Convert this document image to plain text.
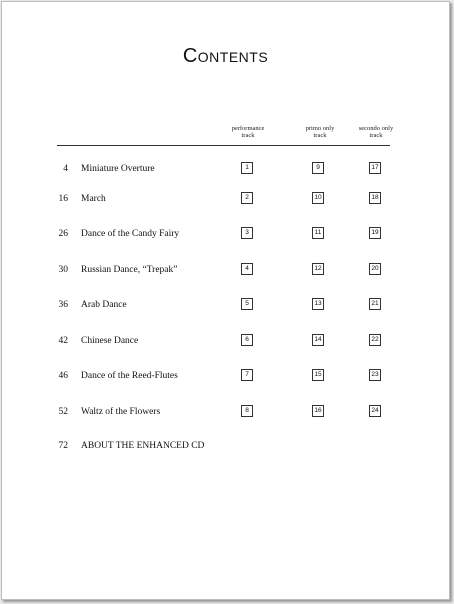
Contents
performance
track
primo only
track
secondo only
track
4 Miniature Overture	1	9	17
16 March	2	10	18
26 Dance of the Candy Fairy	3	11	19
30 Russian Dance, “Trepak”	4	12	20
36 Arab Dance	5	13	21
42 Chinese Dance	6	14	22
46 Dance of the Reed-Flutes	7	15	23
52 Waltz of the Flowers	8	16	24
72 ABOUT THE ENHANCED CD
